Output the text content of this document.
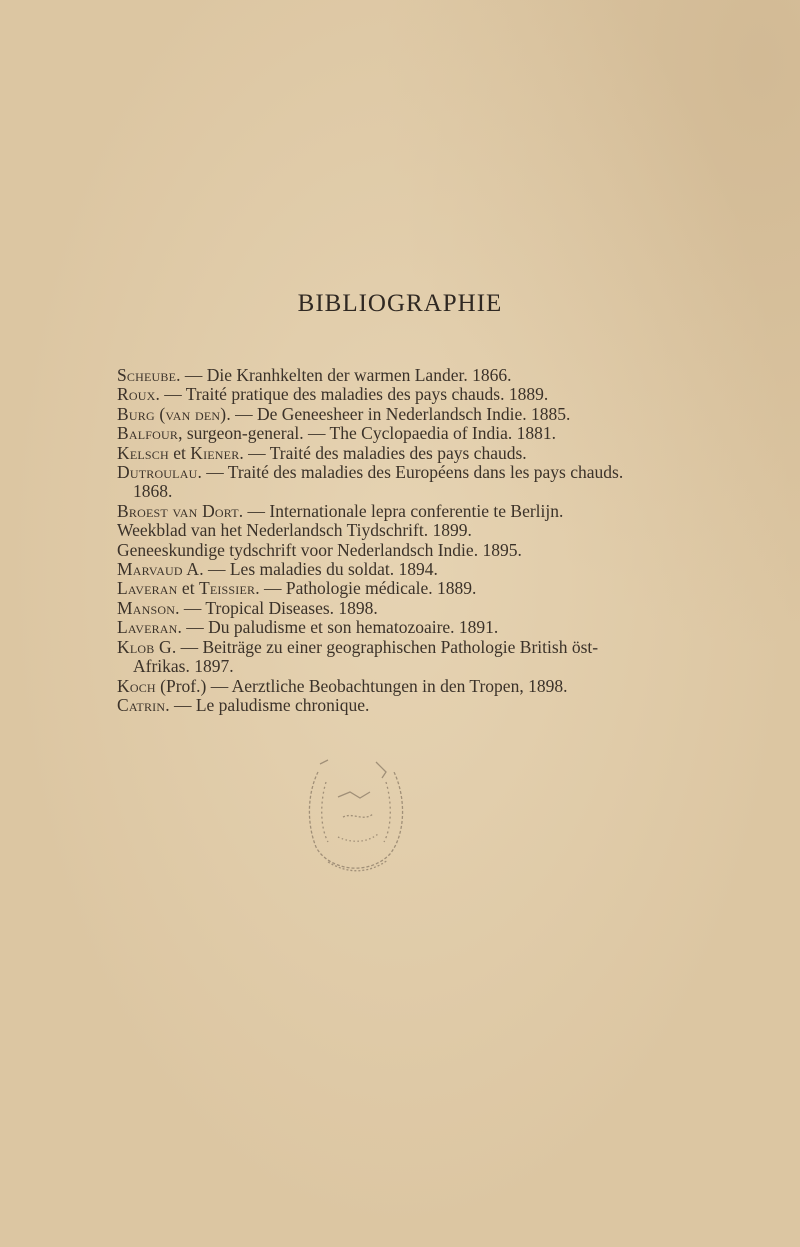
BIBLIOGRAPHIE

Scheube. — Die Kranhkelten der warmen Lander. 1866.

Roux. — Traité pratique des maladies des pays chauds. 1889.

Burg (van den). — De Geneesheer in Nederlandsch Indie. 1885.

Balfour, surgeon-general. — The Cyclopaedia of India. 1881.

Kelsch et Kiener. — Traité des maladies des pays chauds.

Dutroulau. — Traité des maladies des Européens dans les pays chauds. 1868.

Broest van Dort. — Internationale lepra conferentie te Berlijn.

Weekblad van het Nederlandsch Tiydschrift. 1899.

Geneeskundige tydschrift voor Nederlandsch Indie. 1895.

Marvaud A. — Les maladies du soldat. 1894.

Laveran et Teissier. — Pathologie médicale. 1889.

Manson. — Tropical Diseases. 1898.

Laveran. — Du paludisme et son hematozoaire. 1891.

Klob G. — Beiträge zu einer geographischen Pathologie British öst-Afrikas. 1897.

Koch (Prof.) — Aerztliche Beobachtungen in den Tropen, 1898.

Catrin. — Le paludisme chronique.
